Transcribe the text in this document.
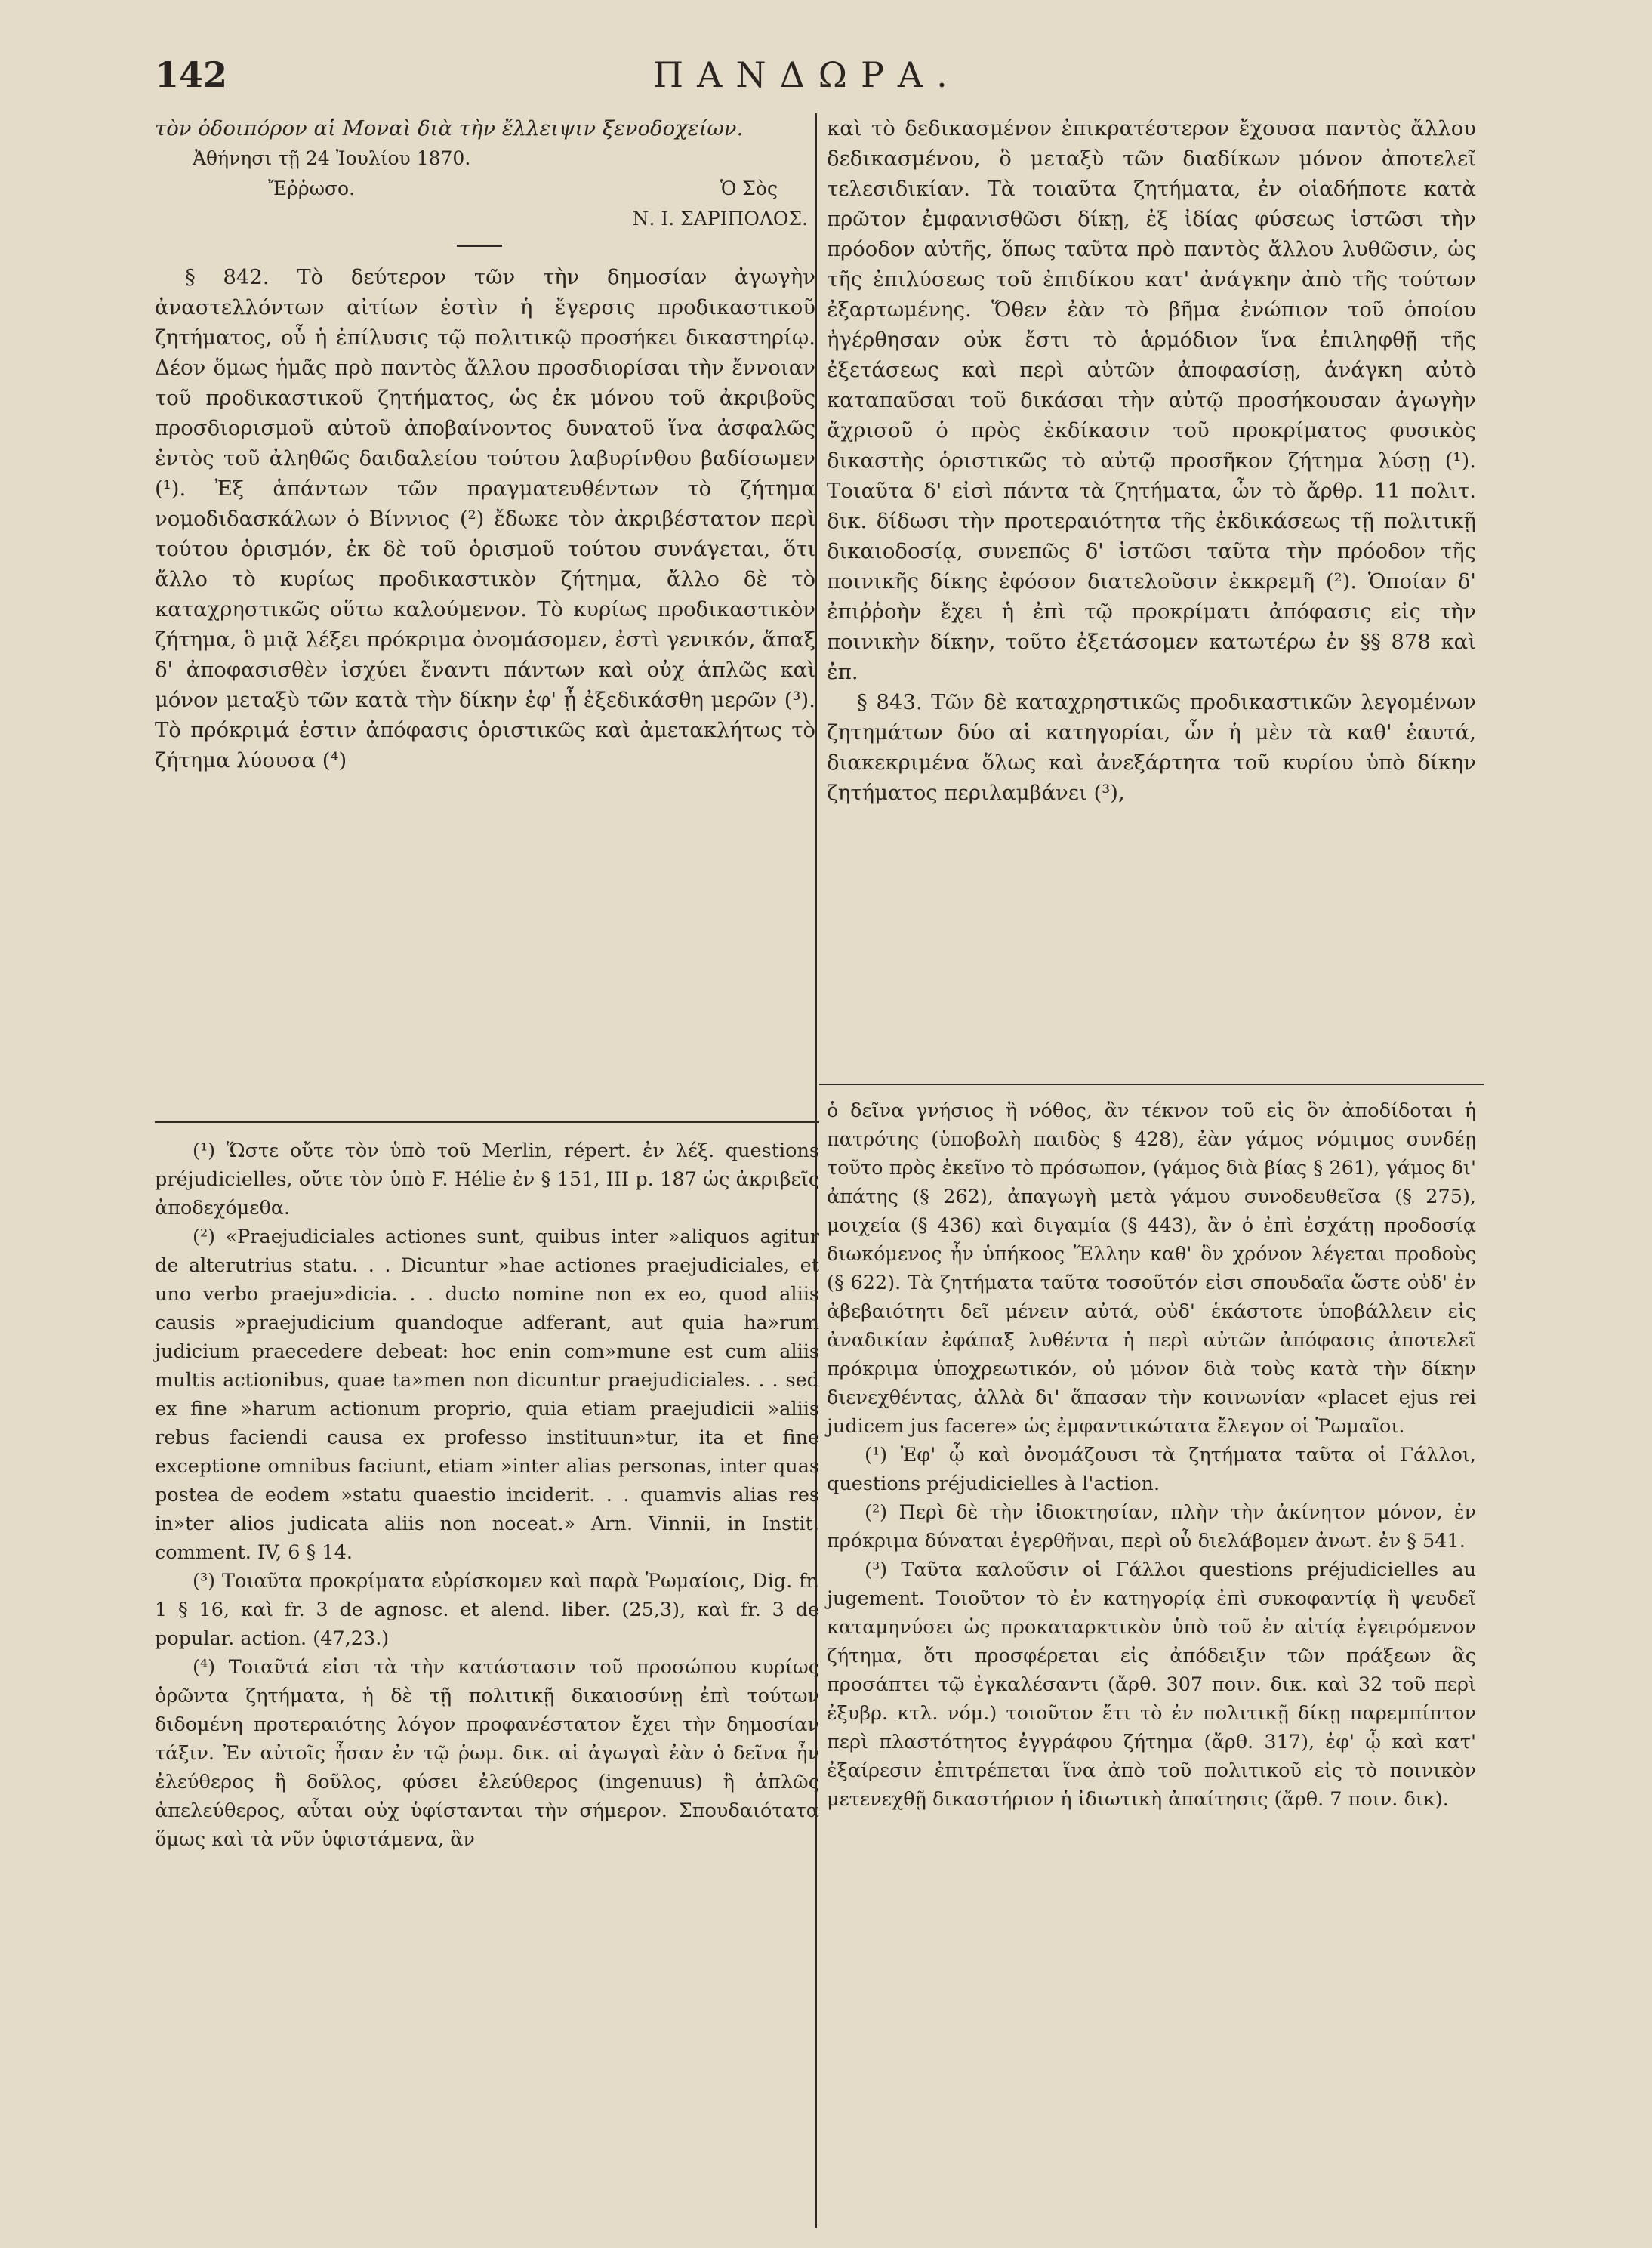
142	ΠΑΝΔΩΡΑ.

τὸν ὁδοιπόρον αἱ Μοναὶ διὰ τὴν ἔλλειψιν ξενοδοχείων.

Ἀθήνησι τῇ 24 Ἰουλίου 1870.

Ἔῤῥωσο.	Ὁ Σὸς

Ν. Ι. ΣΑΡΙΠΟΛΟΣ.

§ 842. Τὸ δεύτερον τῶν τὴν δημοσίαν ἀγωγὴν ἀναστελλόντων αἰτίων ἐστὶν ἡ ἔγερσις προδικαστικοῦ ζητήματος, οὗ ἡ ἐπίλυσις τῷ πολιτικῷ προσήκει δικαστηρίῳ. Δέον ὅμως ἡμᾶς πρὸ παντὸς ἄλλου προσδιορίσαι τὴν ἔννοιαν τοῦ προδικαστικοῦ ζητήματος, ὡς ἐκ μόνου τοῦ ἀκριβοῦς προσδιορισμοῦ αὐτοῦ ἀποβαίνοντος δυνατοῦ ἵνα ἀσφαλῶς ἐντὸς τοῦ ἀληθῶς δαιδαλείου τούτου λαβυρίνθου βαδίσωμεν (¹). Ἐξ ἁπάντων τῶν πραγματευθέντων τὸ ζήτημα νομοδιδασκάλων ὁ Βίννιος (²) ἔδωκε τὸν ἀκριβέστατον περὶ τούτου ὁρισμόν, ἐκ δὲ τοῦ ὁρισμοῦ τούτου συνάγεται, ὅτι ἄλλο τὸ κυρίως προδικαστικὸν ζήτημα, ἄλλο δὲ τὸ καταχρηστικῶς οὕτω καλούμενον. Τὸ κυρίως προδικαστικὸν ζήτημα, ὃ μιᾷ λέξει πρόκριμα ὀνομάσομεν, ἐστὶ γενικόν, ἅπαξ δ' ἀποφασισθὲν ἰσχύει ἔναντι πάντων καὶ οὐχ ἁπλῶς καὶ μόνον μεταξὺ τῶν κατὰ τὴν δίκην ἐφ' ᾗ ἐξεδικάσθη μερῶν (³). Τὸ πρόκριμά ἐστιν ἀπόφασις ὁριστικῶς καὶ ἀμετακλήτως τὸ ζήτημα λύουσα (⁴)

(¹) Ὥστε οὔτε τὸν ὑπὸ τοῦ Merlin, répert. ἐν λέξ. questions préjudicielles, οὔτε τὸν ὑπὸ F. Hélie ἐν § 151, III p. 187 ὡς ἀκριβεῖς ἀποδεχόμεθα.

(²) «Praejudiciales actiones sunt, quibus inter »aliquos agitur de alterutrius statu. . . Dicuntur »hae actiones praejudiciales, et uno verbo praeju»dicia. . . ducto nomine non ex eo, quod aliis causis »praejudicium quandoque adferant, aut quia ha»rum judicium praecedere debeat: hoc enin com»mune est cum aliis multis actionibus, quae ta»men non dicuntur praejudiciales. . . sed ex fine »harum actionum proprio, quia etiam praejudicii »aliis rebus faciendi causa ex professo instituun»tur, ita et fine exceptione omnibus faciunt, etiam »inter alias personas, inter quas postea de eodem »statu quaestio inciderit. . . quamvis alias res in»ter alios judicata aliis non noceat.» Arn. Vinnii, in Instit. comment. IV, 6 § 14.

(³) Τοιαῦτα προκρίματα εὑρίσκομεν καὶ παρὰ Ῥωμαίοις, Dig. fr. 1 § 16, καὶ fr. 3 de agnosc. et alend. liber. (25,3), καὶ fr. 3 de popular. action. (47,23.)

(⁴) Τοιαῦτά εἰσι τὰ τὴν κατάστασιν τοῦ προσώπου κυρίως ὁρῶντα ζητήματα, ἡ δὲ τῇ πολιτικῇ δικαιοσύνῃ ἐπὶ τούτων διδομένη προτεραιότης λόγον προφανέστατον ἔχει τὴν δημοσίαν τάξιν. Ἐν αὐτοῖς ἦσαν ἐν τῷ ῥωμ. δικ. αἱ ἀγωγαὶ ἐὰν ὁ δεῖνα ἦν ἐλεύθερος ἢ δοῦλος, φύσει ἐλεύθερος (ingenuus) ἢ ἁπλῶς ἀπελεύθερος, αὗται οὐχ ὑφίστανται τὴν σήμερον. Σπουδαιότατα ὅμως καὶ τὰ νῦν ὑφιστάμενα, ἂν

καὶ τὸ δεδικασμένον ἐπικρατέστερον ἔχουσα παντὸς ἄλλου δεδικασμένου, ὃ μεταξὺ τῶν διαδίκων μόνον ἀποτελεῖ τελεσιδικίαν. Τὰ τοιαῦτα ζητήματα, ἐν οἱαδήποτε κατὰ πρῶτον ἐμφανισθῶσι δίκῃ, ἐξ ἰδίας φύσεως ἱστῶσι τὴν πρόοδον αὐτῆς, ὅπως ταῦτα πρὸ παντὸς ἄλλου λυθῶσιν, ὡς τῆς ἐπιλύσεως τοῦ ἐπιδίκου κατ' ἀνάγκην ἀπὸ τῆς τούτων ἐξαρτωμένης. Ὅθεν ἐὰν τὸ βῆμα ἐνώπιον τοῦ ὁποίου ἠγέρθησαν οὐκ ἔστι τὸ ἁρμόδιον ἵνα ἐπιληφθῇ τῆς ἐξετάσεως καὶ περὶ αὐτῶν ἀποφασίσῃ, ἀνάγκη αὐτὸ καταπαῦσαι τοῦ δικάσαι τὴν αὐτῷ προσήκουσαν ἀγωγὴν ἄχρισοῦ ὁ πρὸς ἐκδίκασιν τοῦ προκρίματος φυσικὸς δικαστὴς ὁριστικῶς τὸ αὐτῷ προσῆκον ζήτημα λύσῃ (¹). Τοιαῦτα δ' εἰσὶ πάντα τὰ ζητήματα, ὧν τὸ ἄρθρ. 11 πολιτ. δικ. δίδωσι τὴν προτεραιότητα τῆς ἐκδικάσεως τῇ πολιτικῇ δικαιοδοσίᾳ, συνεπῶς δ' ἱστῶσι ταῦτα τὴν πρόοδον τῆς ποινικῆς δίκης ἐφόσον διατελοῦσιν ἐκκρεμῆ (²). Ὁποίαν δ' ἐπιῤῥοὴν ἔχει ἡ ἐπὶ τῷ προκρίματι ἀπόφασις εἰς τὴν ποινικὴν δίκην, τοῦτο ἐξετάσομεν κατωτέρω ἐν §§ 878 καὶ ἐπ.

§ 843. Τῶν δὲ καταχρηστικῶς προδικαστικῶν λεγομένων ζητημάτων δύο αἱ κατηγορίαι, ὧν ἡ μὲν τὰ καθ' ἑαυτά, διακεκριμένα ὅλως καὶ ἀνεξάρτητα τοῦ κυρίου ὑπὸ δίκην ζητήματος περιλαμβάνει (³),

ὁ δεῖνα γνήσιος ἢ νόθος, ἂν τέκνον τοῦ εἰς ὃν ἀποδίδοται ἡ πατρότης (ὑποβολὴ παιδὸς § 428), ἐὰν γάμος νόμιμος συνδέῃ τοῦτο πρὸς ἐκεῖνο τὸ πρόσωπον, (γάμος διὰ βίας § 261), γάμος δι' ἀπάτης (§ 262), ἀπαγωγὴ μετὰ γάμου συνοδευθεῖσα (§ 275), μοιχεία (§ 436) καὶ διγαμία (§ 443), ἂν ὁ ἐπὶ ἐσχάτῃ προδοσίᾳ διωκόμενος ἦν ὑπήκοος Ἕλλην καθ' ὃν χρόνον λέγεται προδοὺς (§ 622). Τὰ ζητήματα ταῦτα τοσοῦτόν εἰσι σπουδαῖα ὥστε οὐδ' ἐν ἀβεβαιότητι δεῖ μένειν αὐτά, οὐδ' ἑκάστοτε ὑποβάλλειν εἰς ἀναδικίαν ἐφάπαξ λυθέντα ἡ περὶ αὐτῶν ἀπόφασις ἀποτελεῖ πρόκριμα ὑποχρεωτικόν, οὐ μόνον διὰ τοὺς κατὰ τὴν δίκην διενεχθέντας, ἀλλὰ δι' ἅπασαν τὴν κοινωνίαν «placet ejus rei judicem jus facere» ὡς ἐμφαντικώτατα ἔλεγον οἱ Ῥωμαῖοι.

(¹) Ἐφ' ᾧ καὶ ὀνομάζουσι τὰ ζητήματα ταῦτα οἱ Γάλλοι, questions préjudicielles à l'action.

(²) Περὶ δὲ τὴν ἰδιοκτησίαν, πλὴν τὴν ἀκίνητον μόνον, ἐν πρόκριμα δύναται ἐγερθῆναι, περὶ οὗ διελάβομεν ἀνωτ. ἐν § 541.

(³) Ταῦτα καλοῦσιν οἱ Γάλλοι questions préjudicielles au jugement. Τοιοῦτον τὸ ἐν κατηγορίᾳ ἐπὶ συκοφαντίᾳ ἢ ψευδεῖ καταμηνύσει ὡς προκαταρκτικὸν ὑπὸ τοῦ ἐν αἰτίᾳ ἐγειρόμενον ζήτημα, ὅτι προσφέρεται εἰς ἀπόδειξιν τῶν πράξεων ἃς προσάπτει τῷ ἐγκαλέσαντι (ἄρθ. 307 ποιν. δικ. καὶ 32 τοῦ περὶ ἐξυβρ. κτλ. νόμ.) τοιοῦτον ἔτι τὸ ἐν πολιτικῇ δίκῃ παρεμπίπτον περὶ πλαστότητος ἐγγράφου ζήτημα (ἄρθ. 317), ἐφ' ᾧ καὶ κατ' ἐξαίρεσιν ἐπιτρέπεται ἵνα ἀπὸ τοῦ πολιτικοῦ εἰς τὸ ποινικὸν μετενεχθῇ δικαστήριον ἡ ἰδιωτικὴ ἀπαίτησις (ἄρθ. 7 ποιν. δικ).
